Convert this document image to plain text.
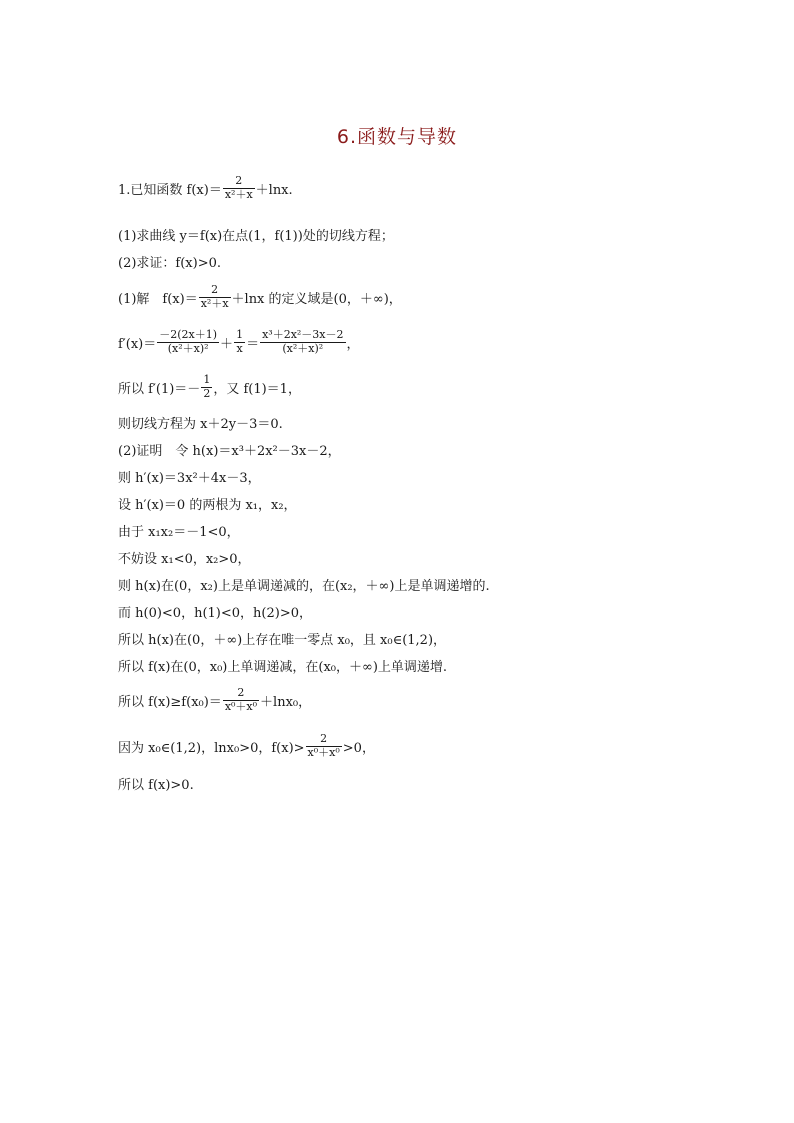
6.函数与导数
1.已知函数 $f(x)= \frac{2}{\text{x²＋x}} +\ln x$.
(1)求曲线 y＝f(x)在点(1，f(1))处的切线方程；
(2)求证：f(x)>0.
(1)解　$f(x)= \frac{2}{\text{x²＋x}} +\ln x$ 的定义域是(0，＋∞)，
$f'(x)= \frac{-2(2x+1)}{\text{(x²＋x)²}} + \frac{1}{x} = \frac{\text{x³＋2x²－3x－2}}{\text{(x²＋x)²}}$ ，
所以 $f'(1)=- \frac{1}{2}$ ，又 f(1)＝1，
则切线方程为 x＋2y－3＝0.
(2)证明　令 h(x)＝x³＋2x²－3x－2，
则 h′(x)＝3x²＋4x－3，
设 h′(x)＝0 的两根为 x₁，x₂，
由于 x₁x₂＝－1<0，
不妨设 x₁<0，x₂>0，
则 h(x)在(0，x₂)上是单调递减的，在(x₂，＋∞)上是单调递增的.
而 h(0)<0，h(1)<0，h(2)>0，
所以 h(x)在(0，＋∞)上存在唯一零点 x₀，且 x₀∈(1,2)，
所以 f(x)在(0，x₀)上单调递减，在(x₀，＋∞)上单调递增.
所以 $f(x)\ge f(x_0)= \frac{2}{\text{x⁰＋x⁰}} +\ln x_0$，
因为 x₀∈(1,2)，lnx₀>0，$f(x)> \frac{2}{\text{x⁰＋x⁰}} >0$，
所以 f(x)>0.
